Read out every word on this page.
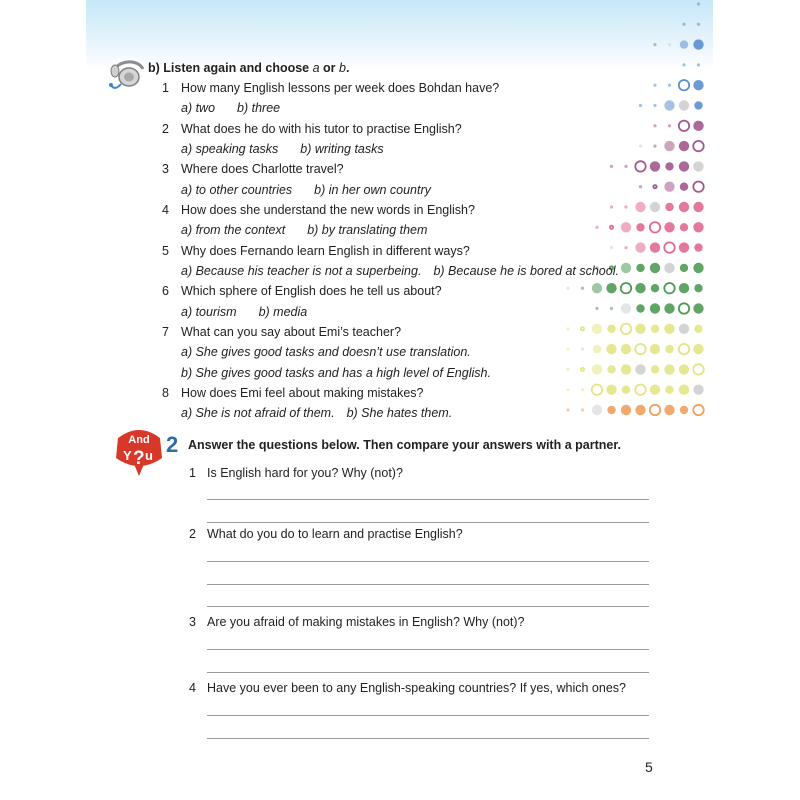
b) Listen again and choose a or b.
1 How many English lessons per week does Bohdan have?
a) two b) three
2 What does he do with his tutor to practise English?
a) speaking tasks b) writing tasks
3 Where does Charlotte travel?
a) to other countries b) in her own country
4 How does she understand the new words in English?
a) from the context b) by translating them
5 Why does Fernando learn English in different ways?
a) Because his teacher is not a superbeing. b) Because he is bored at school.
6 Which sphere of English does he tell us about?
a) tourism b) media
7 What can you say about Emi’s teacher?
a) She gives good tasks and doesn’t use translation.
b) She gives good tasks and has a high level of English.
8 How does Emi feel about making mistakes?
a) She is not afraid of them. b) She hates them.
And
Y ? u 2 Answer the questions below. Then compare your answers with a partner.
1 Is English hard for you? Why (not)?
2 What do you do to learn and practise English?
3 Are you afraid of making mistakes in English? Why (not)?
4 Have you ever been to any English-speaking countries? If yes, which ones?
5
